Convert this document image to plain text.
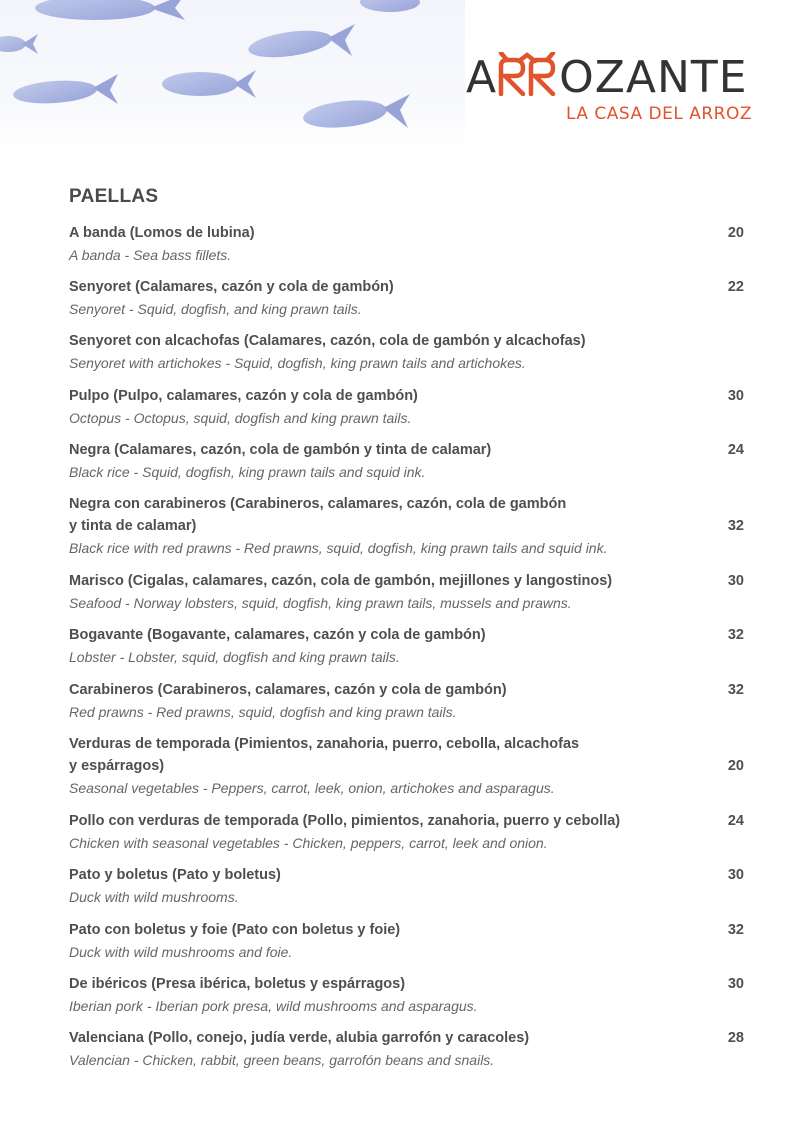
A OZANTE
LA CASA DEL ARROZ
PAELLAS
A banda (Lomos de lubina)
A banda - Sea bass fillets.
20
Senyoret (Calamares, cazón y cola de gambón)
Senyoret - Squid, dogfish, and king prawn tails.
22
Senyoret con alcachofas (Calamares, cazón, cola de gambón y alcachofas)
Senyoret with artichokes - Squid, dogfish, king prawn tails and artichokes.
Pulpo (Pulpo, calamares, cazón y cola de gambón)
Octopus - Octopus, squid, dogfish and king prawn tails.
30
Negra (Calamares, cazón, cola de gambón y tinta de calamar)
Black rice - Squid, dogfish, king prawn tails and squid ink.
24
Negra con carabineros (Carabineros, calamares, cazón, cola de gambón
y tinta de calamar)
Black rice with red prawns - Red prawns, squid, dogfish, king prawn tails and squid ink.
32
Marisco (Cigalas, calamares, cazón, cola de gambón, mejillones y langostinos)
Seafood - Norway lobsters, squid, dogfish, king prawn tails, mussels and prawns.
30
Bogavante (Bogavante, calamares, cazón y cola de gambón)
Lobster - Lobster, squid, dogfish and king prawn tails.
32
Carabineros (Carabineros, calamares, cazón y cola de gambón)
Red prawns - Red prawns, squid, dogfish and king prawn tails.
32
Verduras de temporada (Pimientos, zanahoria, puerro, cebolla, alcachofas
y espárragos)
Seasonal vegetables - Peppers, carrot, leek, onion, artichokes and asparagus.
20
Pollo con verduras de temporada (Pollo, pimientos, zanahoria, puerro y cebolla)
Chicken with seasonal vegetables - Chicken, peppers, carrot, leek and onion.
24
Pato y boletus (Pato y boletus)
Duck with wild mushrooms.
30
Pato con boletus y foie (Pato con boletus y foie)
Duck with wild mushrooms and foie.
32
De ibéricos (Presa ibérica, boletus y espárragos)
Iberian pork - Iberian pork presa, wild mushrooms and asparagus.
30
Valenciana (Pollo, conejo, judía verde, alubia garrofón y caracoles)
Valencian - Chicken, rabbit, green beans, garrofón beans and snails.
28
